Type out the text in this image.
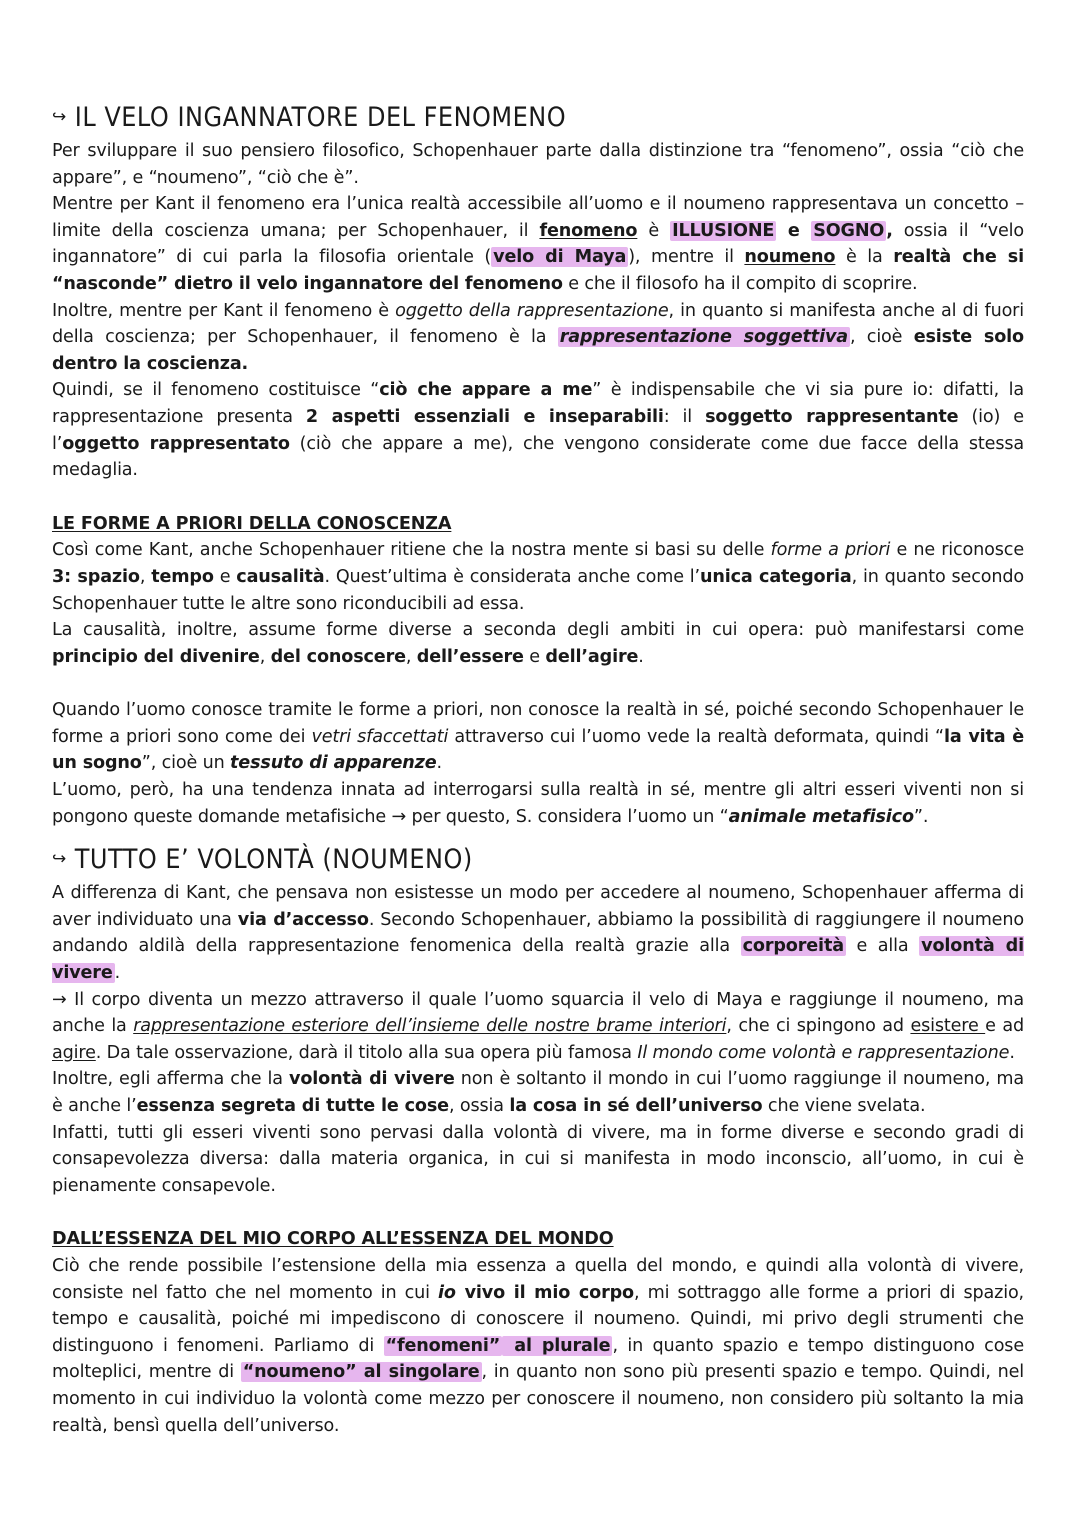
↪ IL VELO INGANNATORE DEL FENOMENO

Per sviluppare il suo pensiero filosofico, Schopenhauer parte dalla distinzione tra “fenomeno”, ossia “ciò che appare”, e “noumeno”, “ciò che è”.

Mentre per Kant il fenomeno era l’unica realtà accessibile all’uomo e il noumeno rappresentava un concetto – limite della coscienza umana; per Schopenhauer, il fenomeno è ILLUSIONE e SOGNO , ossia il “velo ingannatore” di cui parla la filosofia orientale ( velo di Maya ), mentre il noumeno è la realtà che si “nasconde” dietro il velo ingannatore del fenomeno e che il filosofo ha il compito di scoprire.

Inoltre, mentre per Kant il fenomeno è oggetto della rappresentazione, in quanto si manifesta anche al di fuori della coscienza; per Schopenhauer, il fenomeno è la rappresentazione soggettiva , cioè esiste solo dentro la coscienza.

Quindi, se il fenomeno costituisce “ciò che appare a me” è indispensabile che vi sia pure io: difatti, la rappresentazione presenta 2 aspetti essenziali e inseparabili: il soggetto rappresentante (io) e l’oggetto rappresentato (ciò che appare a me), che vengono considerate come due facce della stessa medaglia.

LE FORME A PRIORI DELLA CONOSCENZA

Così come Kant, anche Schopenhauer ritiene che la nostra mente si basi su delle forme a priori e ne riconosce 3: spazio, tempo e causalità. Quest’ultima è considerata anche come l’unica categoria, in quanto secondo Schopenhauer tutte le altre sono riconducibili ad essa.

La causalità, inoltre, assume forme diverse a seconda degli ambiti in cui opera: può manifestarsi come principio del divenire, del conoscere, dell’essere e dell’agire.

Quando l’uomo conosce tramite le forme a priori, non conosce la realtà in sé, poiché secondo Schopenhauer le forme a priori sono come dei vetri sfaccettati attraverso cui l’uomo vede la realtà deformata, quindi “la vita è un sogno”, cioè un tessuto di apparenze.

L’uomo, però, ha una tendenza innata ad interrogarsi sulla realtà in sé, mentre gli altri esseri viventi non si pongono queste domande metafisiche → per questo, S. considera l’uomo un “animale metafisico”.

↪ TUTTO E’ VOLONTÀ (NOUMENO)

A differenza di Kant, che pensava non esistesse un modo per accedere al noumeno, Schopenhauer afferma di aver individuato una via d’accesso. Secondo Schopenhauer, abbiamo la possibilità di raggiungere il noumeno andando aldilà della rappresentazione fenomenica della realtà grazie alla corporeità e alla volontà di vivere .

→ Il corpo diventa un mezzo attraverso il quale l’uomo squarcia il velo di Maya e raggiunge il noumeno, ma anche la rappresentazione esteriore dell’insieme delle nostre brame interiori, che ci spingono ad esistere e ad agire. Da tale osservazione, darà il titolo alla sua opera più famosa Il mondo come volontà e rappresentazione.

Inoltre, egli afferma che la volontà di vivere non è soltanto il mondo in cui l’uomo raggiunge il noumeno, ma è anche l’essenza segreta di tutte le cose, ossia la cosa in sé dell’universo che viene svelata.

Infatti, tutti gli esseri viventi sono pervasi dalla volontà di vivere, ma in forme diverse e secondo gradi di consapevolezza diversa: dalla materia organica, in cui si manifesta in modo inconscio, all’uomo, in cui è pienamente consapevole.

DALL’ESSENZA DEL MIO CORPO ALL’ESSENZA DEL MONDO

Ciò che rende possibile l’estensione della mia essenza a quella del mondo, e quindi alla volontà di vivere, consiste nel fatto che nel momento in cui io vivo il mio corpo, mi sottraggo alle forme a priori di spazio, tempo e causalità, poiché mi impediscono di conoscere il noumeno. Quindi, mi privo degli strumenti che distinguono i fenomeni. Parliamo di “fenomeni” al plurale , in quanto spazio e tempo distinguono cose molteplici, mentre di “noumeno” al singolare , in quanto non sono più presenti spazio e tempo. Quindi, nel momento in cui individuo la volontà come mezzo per conoscere il noumeno, non considero più soltanto la mia realtà, bensì quella dell’universo.
